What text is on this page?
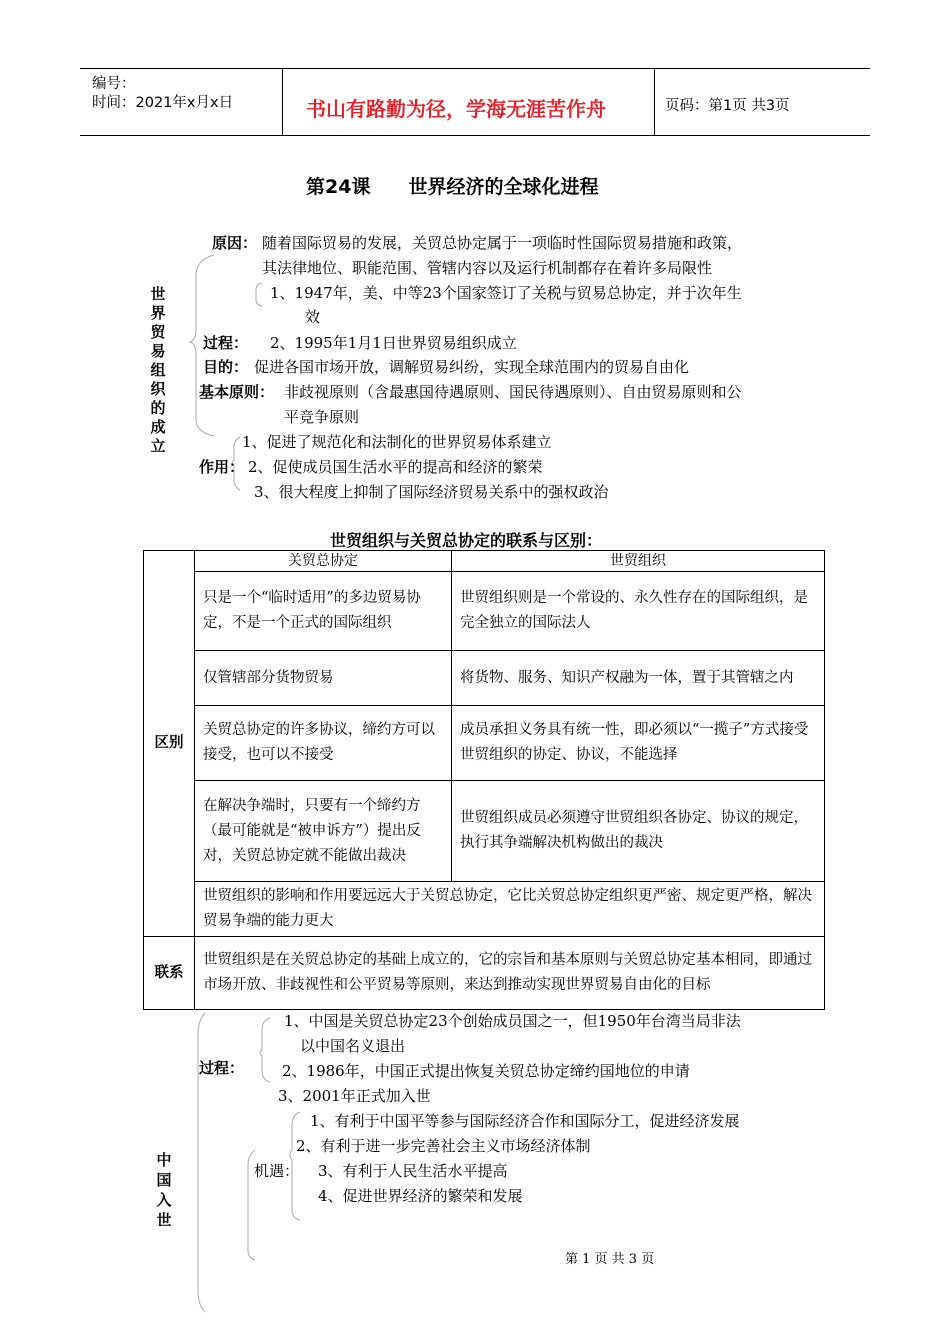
编号：
时间：2021年x月x日	书山有路勤为径，学海无涯苦作舟	页码：第1页 共3页
第24课　　世界经济的全球化进程
世界贸易组织的成立
原因： 随着国际贸易的发展，关贸总协定属于一项临时性国际贸易措施和政策，
其法律地位、职能范围、管辖内容以及运行机制都存在着许多局限性
1、1947年，美、中等23个国家签订了关税与贸易总协定，并于次年生
效
过程： 2、1995年1月1日世界贸易组织成立
目的： 促进各国市场开放，调解贸易纠纷，实现全球范围内的贸易自由化
基本原则： 非歧视原则（含最惠国待遇原则、国民待遇原则）、自由贸易原则和公
平竞争原则
1、促进了规范化和法制化的世界贸易体系建立
作用： 2、促使成员国生活水平的提高和经济的繁荣
3、很大程度上抑制了国际经济贸易关系中的强权政治
世贸组织与关贸总协定的联系与区别：
区别	关贸总协定	世贸组织
	只是一个“临时适用”的多边贸易协定，不是一个正式的国际组织	世贸组织则是一个常设的、永久性存在的国际组织，是完全独立的国际法人
	仅管辖部分货物贸易	将货物、服务、知识产权融为一体，置于其管辖之内
	关贸总协定的许多协议，缔约方可以接受，也可以不接受	成员承担义务具有统一性，即必须以“一揽子”方式接受世贸组织的协定、协议，不能选择
	在解决争端时，只要有一个缔约方（最可能就是“被申诉方”）提出反对，关贸总协定就不能做出裁决	世贸组织成员必须遵守世贸组织各协定、协议的规定，执行其争端解决机构做出的裁决
	世贸组织的影响和作用要远远大于关贸总协定，它比关贸总协定组织更严密、规定更严格，解决贸易争端的能力更大	
联系	世贸组织是在关贸总协定的基础上成立的，它的宗旨和基本原则与关贸总协定基本相同，即通过市场开放、非歧视性和公平贸易等原则，来达到推动实现世界贸易自由化的目标	
1、中国是关贸总协定23个创始成员国之一，但1950年台湾当局非法
以中国名义退出
过程：	2、1986年，中国正式提出恢复关贸总协定缔约国地位的申请
3、2001年正式加入世
1、有利于中国平等参与国际经济合作和国际分工，促进经济发展
2、有利于进一步完善社会主义市场经济体制
机遇： 3、有利于人民生活水平提高
4、促进世界经济的繁荣和发展
中国入世
第 1 页 共 3 页
